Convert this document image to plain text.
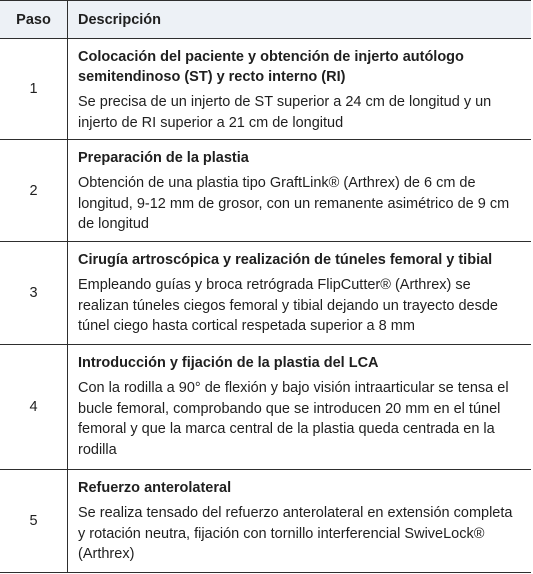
Paso	Descripción
1
Colocación del paciente y obtención de injerto autólogo semitendinoso (ST) y recto interno (RI)
Se precisa de un injerto de ST superior a 24 cm de longitud y un injerto de RI superior a 21 cm de longitud
2
Preparación de la plastia
Obtención de una plastia tipo GraftLink® (Arthrex) de 6 cm de longitud, 9-12 mm de grosor, con un remanente asimétrico de 9 cm de longitud
3
Cirugía artroscópica y realización de túneles femoral y tibial
Empleando guías y broca retrógrada FlipCutter® (Arthrex) se realizan túneles ciegos femoral y tibial dejando un trayecto desde túnel ciego hasta cortical respetada superior a 8 mm
4
Introducción y fijación de la plastia del LCA
Con la rodilla a 90° de flexión y bajo visión intraarticular se tensa el bucle femoral, comprobando que se introducen 20 mm en el túnel femoral y que la marca central de la plastia queda centrada en la rodilla
5
Refuerzo anterolateral
Se realiza tensado del refuerzo anterolateral en extensión completa y rotación neutra, fijación con tornillo interferencial SwiveLock® (Arthrex)
